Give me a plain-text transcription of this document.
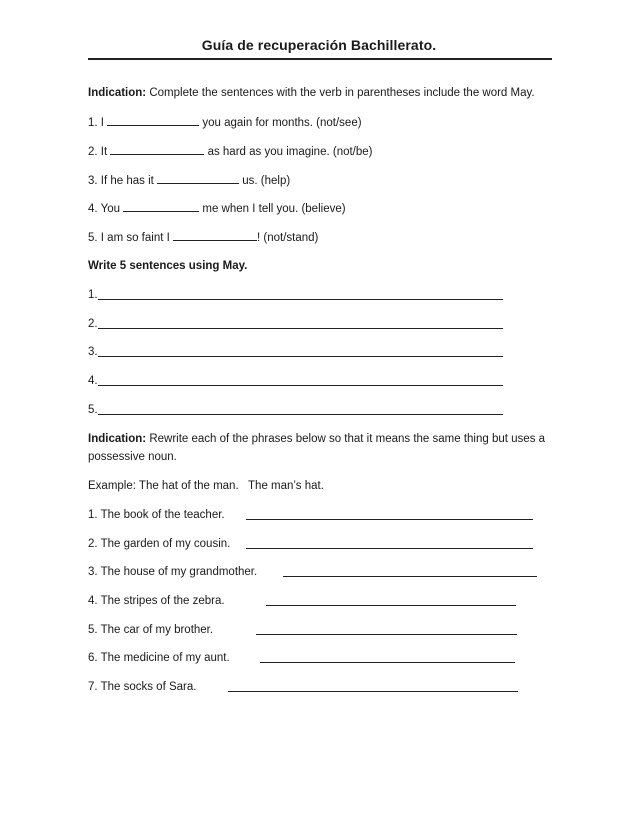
Guía de recuperación Bachillerato.
Indication: Complete the sentences with the verb in parentheses include the word May.
1. I	you again for months. (not/see)
2. It	as hard as you imagine. (not/be)
3. If he has it	us. (help)
4. You	me when I tell you. (believe)
5. I am so faint I	! (not/stand)
Write 5 sentences using May.
1.
2.
3.
4.
5.
Indication: Rewrite each of the phrases below so that it means the same thing but uses a
possessive noun.
Example: The hat of the man.   The man’s hat.
1. The book of the teacher.
2. The garden of my cousin.
3. The house of my grandmother.
4. The stripes of the zebra.
5. The car of my brother.
6. The medicine of my aunt.
7. The socks of Sara.
